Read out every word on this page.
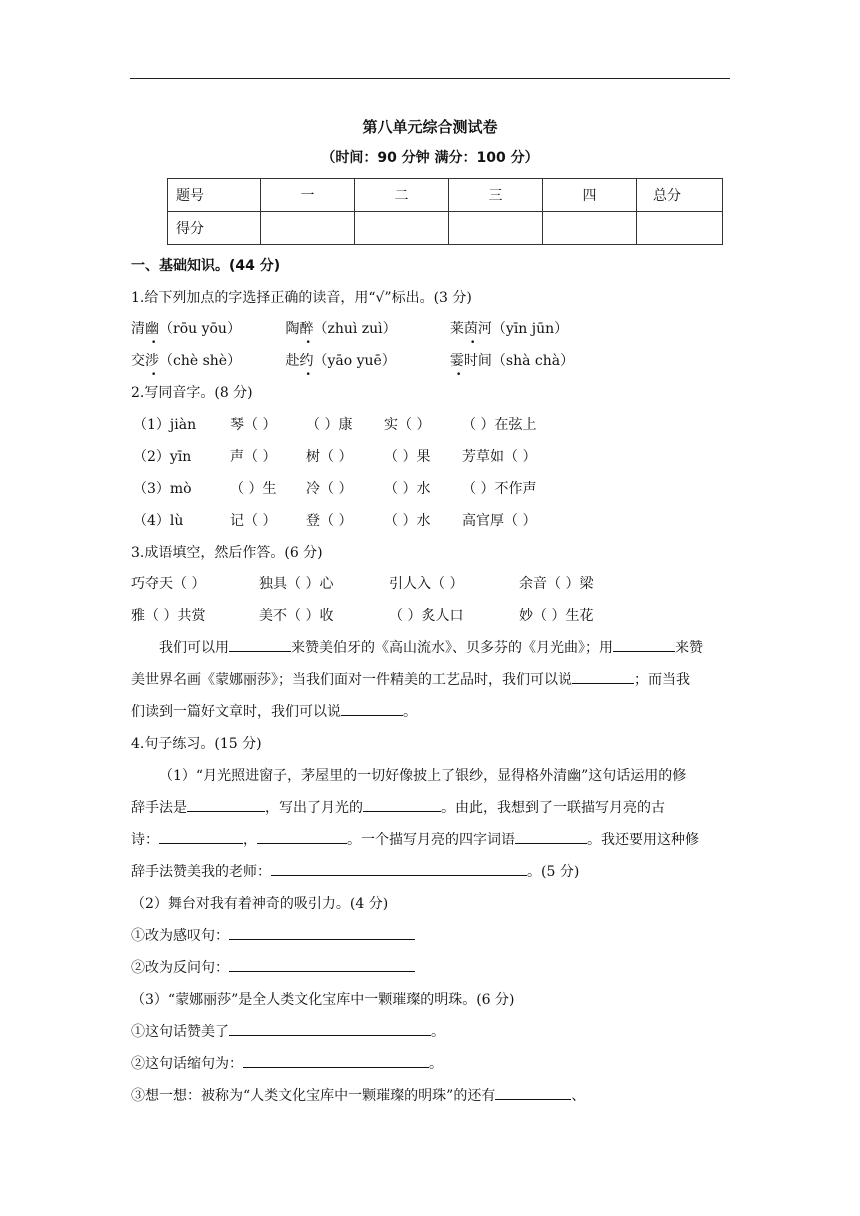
第八单元综合测试卷
（时间：90 分钟 满分：100 分）
题号	一	二	三	四	总分
得分					
一、基础知识。(44 分)
1.给下列加点的字选择正确的读音，用“√”标出。(3 分)
清幽（rōu yōu）	陶醉（zhuì zuì）	莱茵河（yīn jūn）
交涉（chè shè）	赴约（yāo yuē）	霎时间（shà chà）
2.写同音字。(8 分)
（1）jiàn 琴（ ） （ ）康 实（ ） （ ）在弦上
（2）yīn	声（ ） 树（ ） （ ）果 芳草如（ ）
（3）mò	（ ）生 冷（ ） （ ）水 （ ）不作声
（4）lù	记（ ） 登（ ） （ ）水 高官厚（ ）
3.成语填空，然后作答。(6 分)
巧夺天（ ）	独具（ ）心	引人入（ ）	余音（ ）梁
雅（ ）共赏	美不（ ）收	（ ）炙人口	妙（ ）生花
我们可以用	来赞美伯牙的《高山流水》、贝多芬的《月光曲》；用	来赞
美世界名画《蒙娜丽莎》；当我们面对一件精美的工艺品时，我们可以说	；而当我
们读到一篇好文章时，我们可以说	。
4.句子练习。(15 分)
（1）“月光照进窗子，茅屋里的一切好像披上了银纱，显得格外清幽”这句话运用的修
辞手法是	，写出了月光的	。由此，我想到了一联描写月亮的古
诗：	，	。一个描写月亮的四字词语	。我还要用这种修
辞手法赞美我的老师：	。(5 分)
（2）舞台对我有着神奇的吸引力。(4 分)
①改为感叹句：
②改为反问句：
（3）“蒙娜丽莎”是全人类文化宝库中一颗璀璨的明珠。(6 分)
①这句话赞美了	。
②这句话缩句为：	。
③想一想：被称为“人类文化宝库中一颗璀璨的明珠”的还有	、
